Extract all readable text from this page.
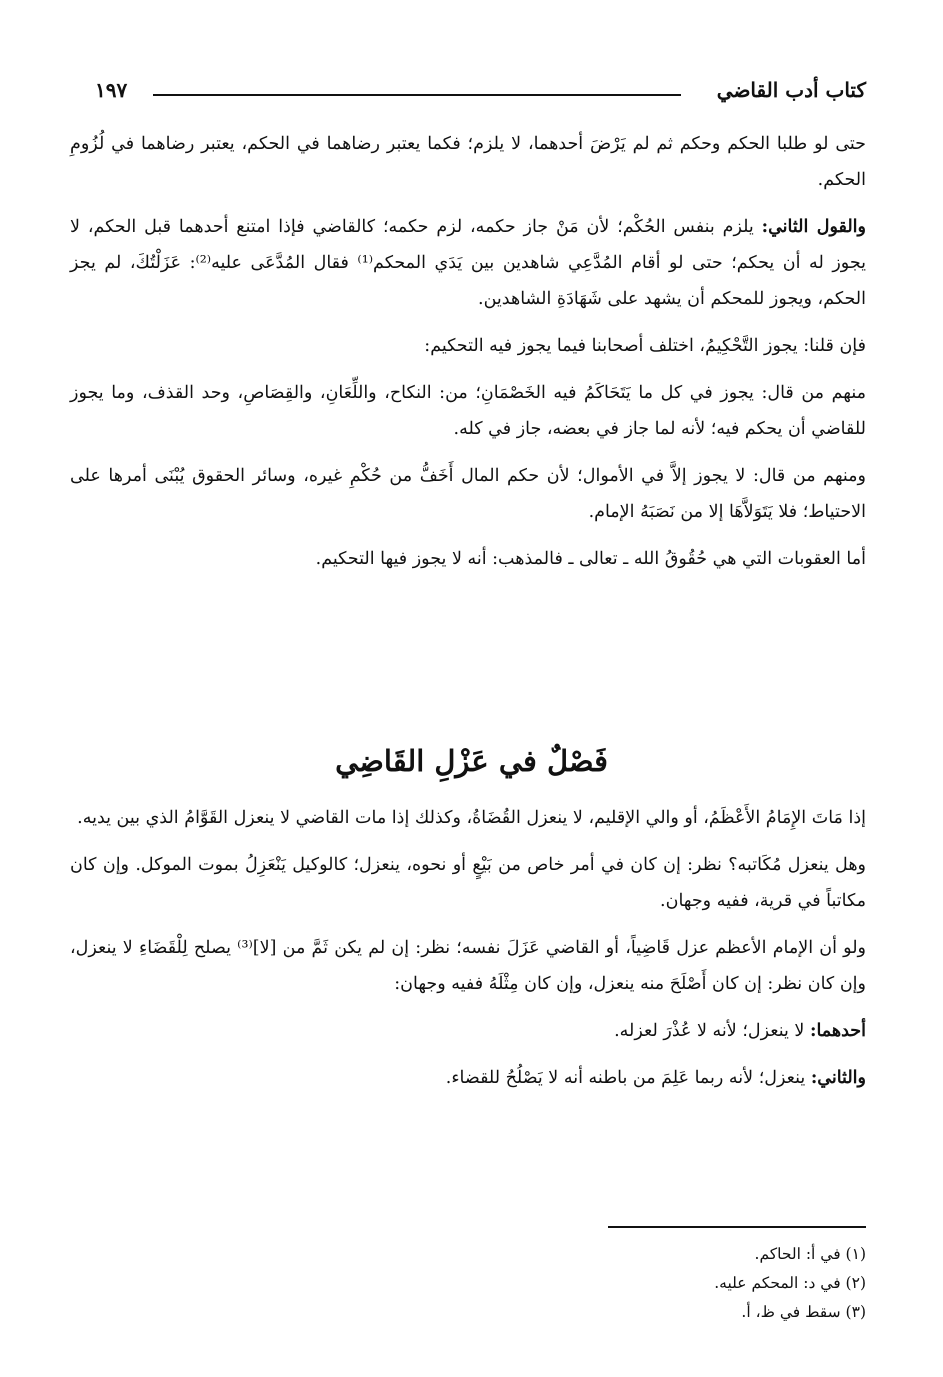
كتاب أدب القاضي
١٩٧

حتى لو طلبا الحكم وحكم ثم لم يَرْضَ أحدهما، لا يلزم؛ فكما يعتبر رضاهما في الحكم، يعتبر رضاهما في لُزُومِ الحكم.

والقول الثاني: يلزم بنفس الحُكْم؛ لأن مَنْ جاز حكمه، لزم حكمه؛ كالقاضي فإذا امتنع أحدهما قبل الحكم، لا يجوز له أن يحكم؛ حتى لو أقام المُدَّعِي شاهدين بين يَدَي المحكم⁽¹⁾ فقال المُدَّعَى عليه⁽²⁾: عَزَلْتُكَ، لم يجز الحكم، ويجوز للمحكم أن يشهد على شَهَادَةِ الشاهدين.

فإن قلنا: يجوز التَّحْكِيمُ، اختلف أصحابنا فيما يجوز فيه التحكيم:

منهم من قال: يجوز في كل ما يَتَحَاكَمُ فيه الخَصْمَانِ؛ من: النكاح، واللِّعَانِ، والقِصَاصِ، وحد القذف، وما يجوز للقاضي أن يحكم فيه؛ لأنه لما جاز في بعضه، جاز في كله.

ومنهم من قال: لا يجوز إلاَّ في الأموال؛ لأن حكم المال أَخَفُّ من حُكْمِ غيره، وسائر الحقوق يُبْنَى أمرها على الاحتياط؛ فلا يَتَوَلاَّهَا إلا من نَصَبَهُ الإمام.

أما العقوبات التي هي حُقُوقُ الله ـ تعالى ـ فالمذهب: أنه لا يجوز فيها التحكيم.

فَصْلٌ في عَزْلِ القَاضِي

إذا مَاتَ الإِمَامُ الأَعْظَمُ، أو والي الإقليم، لا ينعزل القُضَاةُ، وكذلك إذا مات القاضي لا ينعزل القَوَّامُ الذي بين يديه.

وهل ينعزل مُكَاتبه؟ نظر: إن كان في أمر خاص من بَيْعٍ أو نحوه، ينعزل؛ كالوكيل يَنْعَزِلُ بموت الموكل. وإن كان مكاتباً في قرية، ففيه وجهان.

ولو أن الإمام الأعظم عزل قَاضِياً، أو القاضي عَزَلَ نفسه؛ نظر: إن لم يكن ثَمَّ من [لا]⁽³⁾ يصلح لِلْقَضَاءِ لا ينعزل، وإن كان نظر: إن كان أَصْلَحَ منه ينعزل، وإن كان مِثْلَهُ ففيه وجهان:

أحدهما: لا ينعزل؛ لأنه لا عُذْرَ لعزله.

والثاني: ينعزل؛ لأنه ربما عَلِمَ من باطنه أنه لا يَصْلُحُ للقضاء.

(١) في أ: الحاكم.
(٢) في د: المحكم عليه.
(٣) سقط في ظ، أ.
